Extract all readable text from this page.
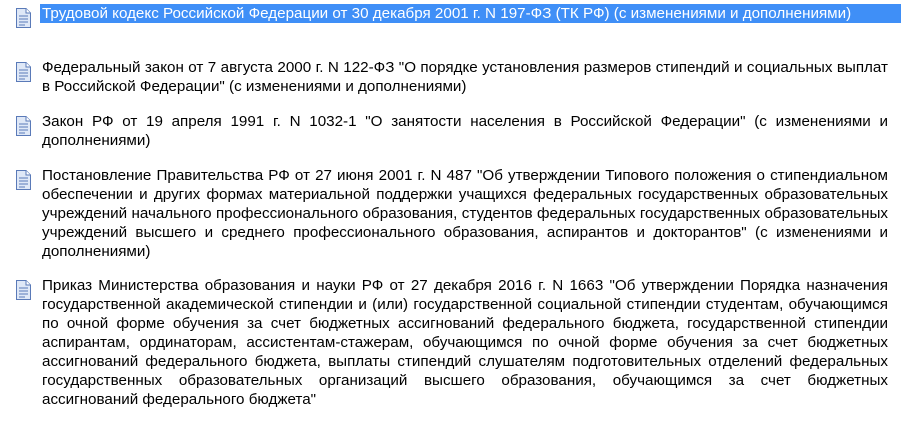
Трудовой кодекс Российской Федерации от 30 декабря 2001 г. N 197-ФЗ (ТК РФ) (с изменениями и дополнениями)
Федеральный закон от 7 августа 2000 г. N 122-ФЗ "О порядке установления размеров стипендий и социальных выплат в Российской Федерации" (с изменениями и дополнениями)
Закон РФ от 19 апреля 1991 г. N 1032-1 "О занятости населения в Российской Федерации" (с изменениями и дополнениями)
Постановление Правительства РФ от 27 июня 2001 г. N 487 "Об утверждении Типового положения о стипендиальном обеспечении и других формах материальной поддержки учащихся федеральных государственных образовательных учреждений начального профессионального образования, студентов федеральных государственных образовательных учреждений высшего и среднего профессионального образования, аспирантов и докторантов" (с изменениями и дополнениями)
Приказ Министерства образования и науки РФ от 27 декабря 2016 г. N 1663 "Об утверждении Порядка назначения государственной академической стипендии и (или) государственной социальной стипендии студентам, обучающимся по очной форме обучения за счет бюджетных ассигнований федерального бюджета, государственной стипендии аспирантам, ординаторам, ассистентам-стажерам, обучающимся по очной форме обучения за счет бюджетных ассигнований федерального бюджета, выплаты стипендий слушателям подготовительных отделений федеральных государственных образовательных организаций высшего образования, обучающимся за счет бюджетных ассигнований федерального бюджета"
